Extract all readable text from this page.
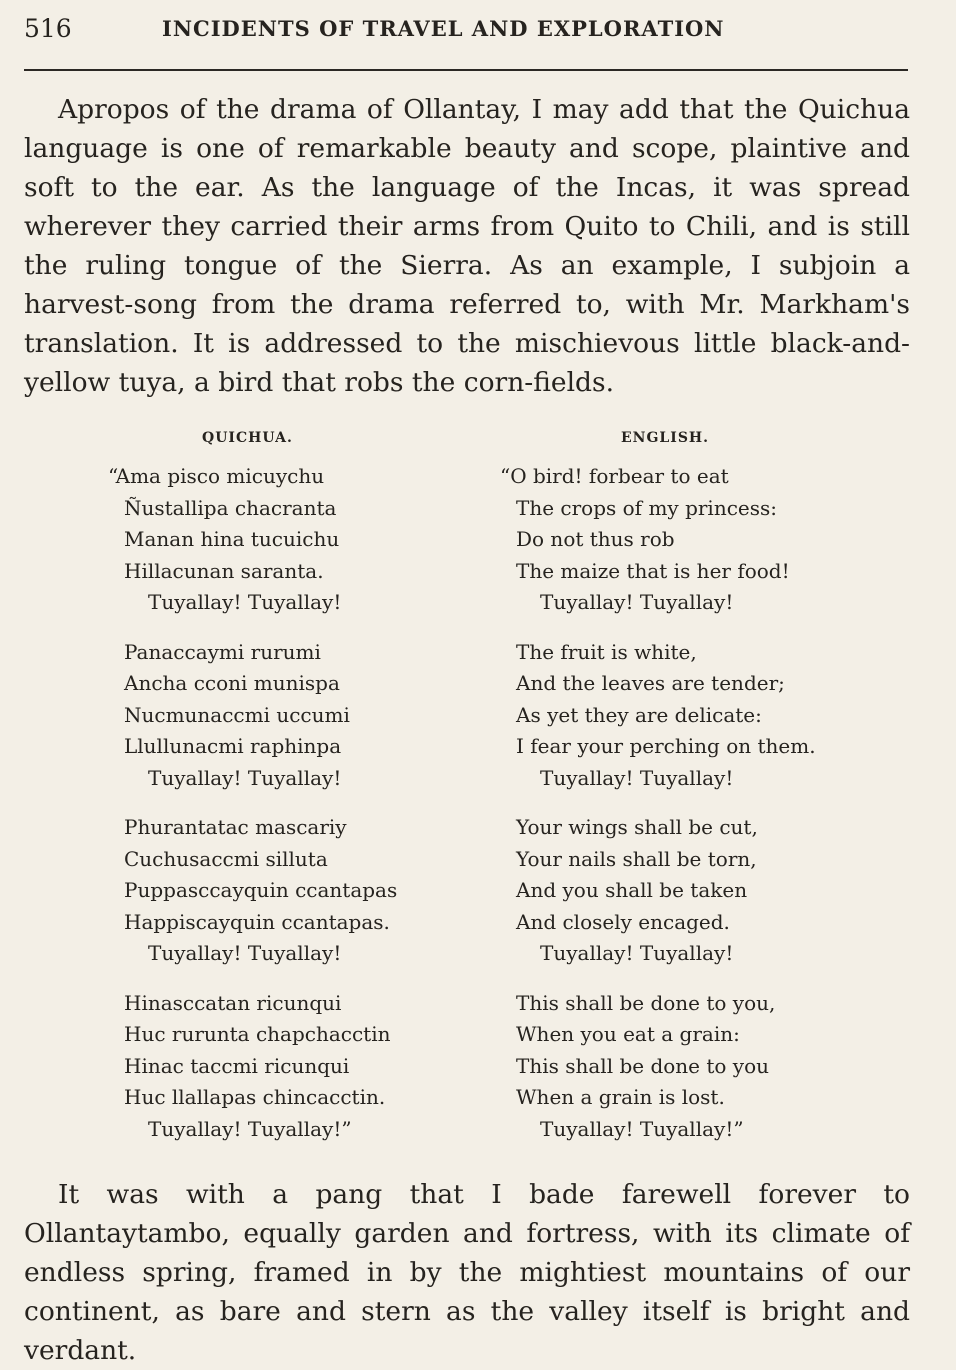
516	INCIDENTS OF TRAVEL AND EXPLORATION

Apropos of the drama of Ollantay, I may add that the Quichua language is one of remarkable beauty and scope, plaintive and soft to the ear. As the language of the Incas, it was spread wherever they carried their arms from Quito to Chili, and is still the ruling tongue of the Sierra. As an example, I subjoin a harvest-song from the drama referred to, with Mr. Markham's translation. It is addressed to the mischievous little black-and-yellow tuya, a bird that robs the corn-fields.

QUICHUA.	ENGLISH.
“Ama pisco micuychu
Ñustallipa chacranta
Manan hina tucuichu
Hillacunan saranta.
Tuyallay! Tuyallay!
Panaccaymi rurumi
Ancha cconi munispa
Nucmunaccmi uccumi
Llullunacmi raphinpa
Tuyallay! Tuyallay!
Phurantatac mascariy
Cuchusaccmi silluta
Puppasccayquin ccantapas
Happiscayquin ccantapas.
Tuyallay! Tuyallay!
Hinasccatan ricunqui
Huc rurunta chapchacctin
Hinac taccmi ricunqui
Huc llallapas chincacctin.
Tuyallay! Tuyallay!”
“O bird! forbear to eat
The crops of my princess:
Do not thus rob
The maize that is her food!
Tuyallay! Tuyallay!
The fruit is white,
And the leaves are tender;
As yet they are delicate:
I fear your perching on them.
Tuyallay! Tuyallay!
Your wings shall be cut,
Your nails shall be torn,
And you shall be taken
And closely encaged.
Tuyallay! Tuyallay!
This shall be done to you,
When you eat a grain:
This shall be done to you
When a grain is lost.
Tuyallay! Tuyallay!”

It was with a pang that I bade farewell forever to Ollantaytambo, equally garden and fortress, with its climate of endless spring, framed in by the mightiest mountains of our continent, as bare and stern as the valley itself is bright and verdant.
